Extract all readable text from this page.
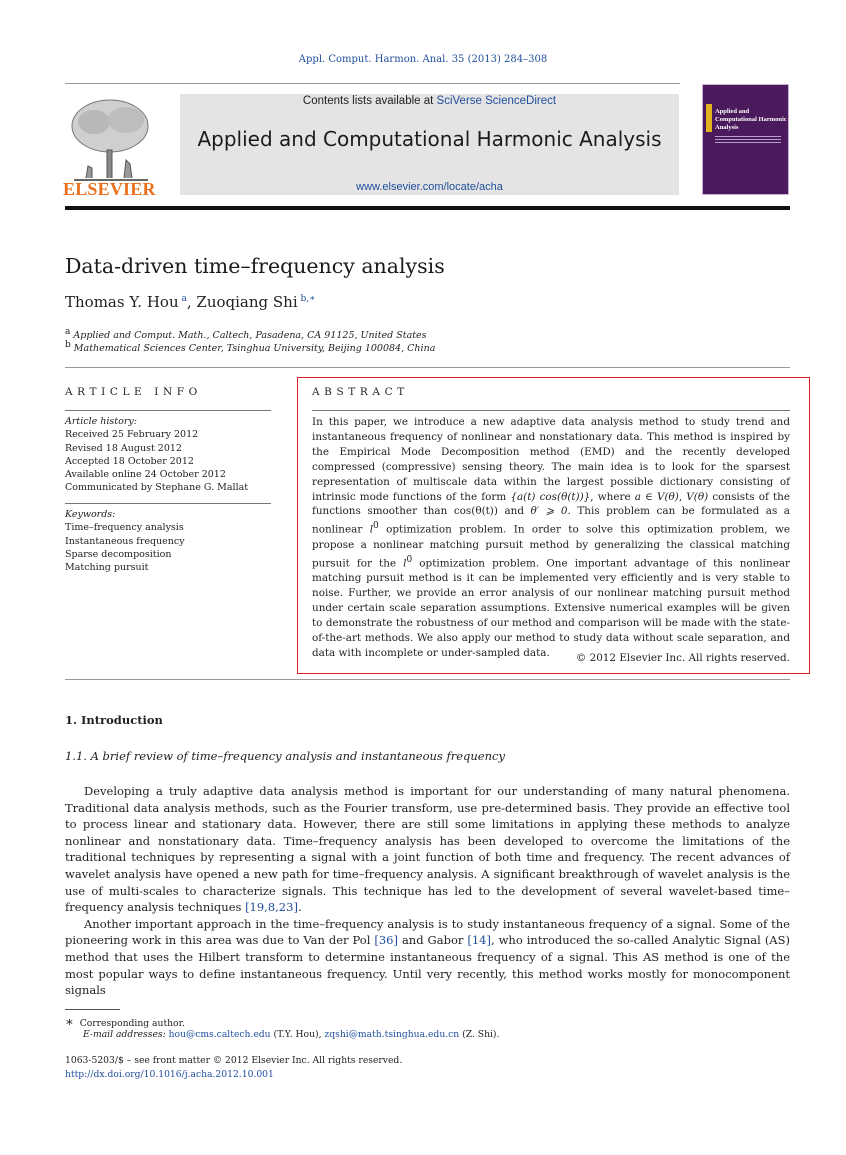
Appl. Comput. Harmon. Anal. 35 (2013) 284–308
ELSEVIER
Contents lists available at SciVerse ScienceDirect
Applied and Computational Harmonic Analysis
www.elsevier.com/locate/acha
Applied and Computational Harmonic Analysis
Data-driven time–frequency analysis
Thomas Y. Hou $^a$, Zuoqiang Shi $^{b,∗}$
a Applied and Comput. Math., Caltech, Pasadena, CA 91125, United States
b Mathematical Sciences Center, Tsinghua University, Beijing 100084, China
ARTICLE INFO
Article history:
Received 25 February 2012
Revised 18 August 2012
Accepted 18 October 2012
Available online 24 October 2012
Communicated by Stephane G. Mallat
Keywords:
Time–frequency analysis
Instantaneous frequency
Sparse decomposition
Matching pursuit
ABSTRACT
In this paper, we introduce a new adaptive data analysis method to study trend and instantaneous frequency of nonlinear and nonstationary data. This method is inspired by the Empirical Mode Decomposition method (EMD) and the recently developed compressed (compressive) sensing theory. The main idea is to look for the sparsest representation of multiscale data within the largest possible dictionary consisting of intrinsic mode functions of the form {a(t) cos(θ(t))}, where a ∈ V(θ), V(θ) consists of the functions smoother than cos(θ(t)) and θ′ ⩾ 0. This problem can be formulated as a nonlinear l0 optimization problem. In order to solve this optimization problem, we propose a nonlinear matching pursuit method by generalizing the classical matching pursuit for the l0 optimization problem. One important advantage of this nonlinear matching pursuit method is it can be implemented very efficiently and is very stable to noise. Further, we provide an error analysis of our nonlinear matching pursuit method under certain scale separation assumptions. Extensive numerical examples will be given to demonstrate the robustness of our method and comparison will be made with the state-of-the-art methods. We also apply our method to study data without scale separation, and data with incomplete or under-sampled data.	© 2012 Elsevier Inc. All rights reserved.
1. Introduction
1.1. A brief review of time–frequency analysis and instantaneous frequency

Developing a truly adaptive data analysis method is important for our understanding of many natural phenomena. Traditional data analysis methods, such as the Fourier transform, use pre-determined basis. They provide an effective tool to process linear and stationary data. However, there are still some limitations in applying these methods to analyze nonlinear and nonstationary data. Time–frequency analysis has been developed to overcome the limitations of the traditional techniques by representing a signal with a joint function of both time and frequency. The recent advances of wavelet analysis have opened a new path for time–frequency analysis. A significant breakthrough of wavelet analysis is the use of multi-scales to characterize signals. This technique has led to the development of several wavelet-based time–frequency analysis techniques [19,8,23].

Another important approach in the time–frequency analysis is to study instantaneous frequency of a signal. Some of the pioneering work in this area was due to Van der Pol [36] and Gabor [14], who introduced the so-called Analytic Signal (AS) method that uses the Hilbert transform to determine instantaneous frequency of a signal. This AS method is one of the most popular ways to define instantaneous frequency. Until very recently, this method works mostly for monocomponent signals

∗ Corresponding author.
E-mail addresses: hou@cms.caltech.edu (T.Y. Hou), zqshi@math.tsinghua.edu.cn (Z. Shi).
1063-5203/$ – see front matter © 2012 Elsevier Inc. All rights reserved.
http://dx.doi.org/10.1016/j.acha.2012.10.001
